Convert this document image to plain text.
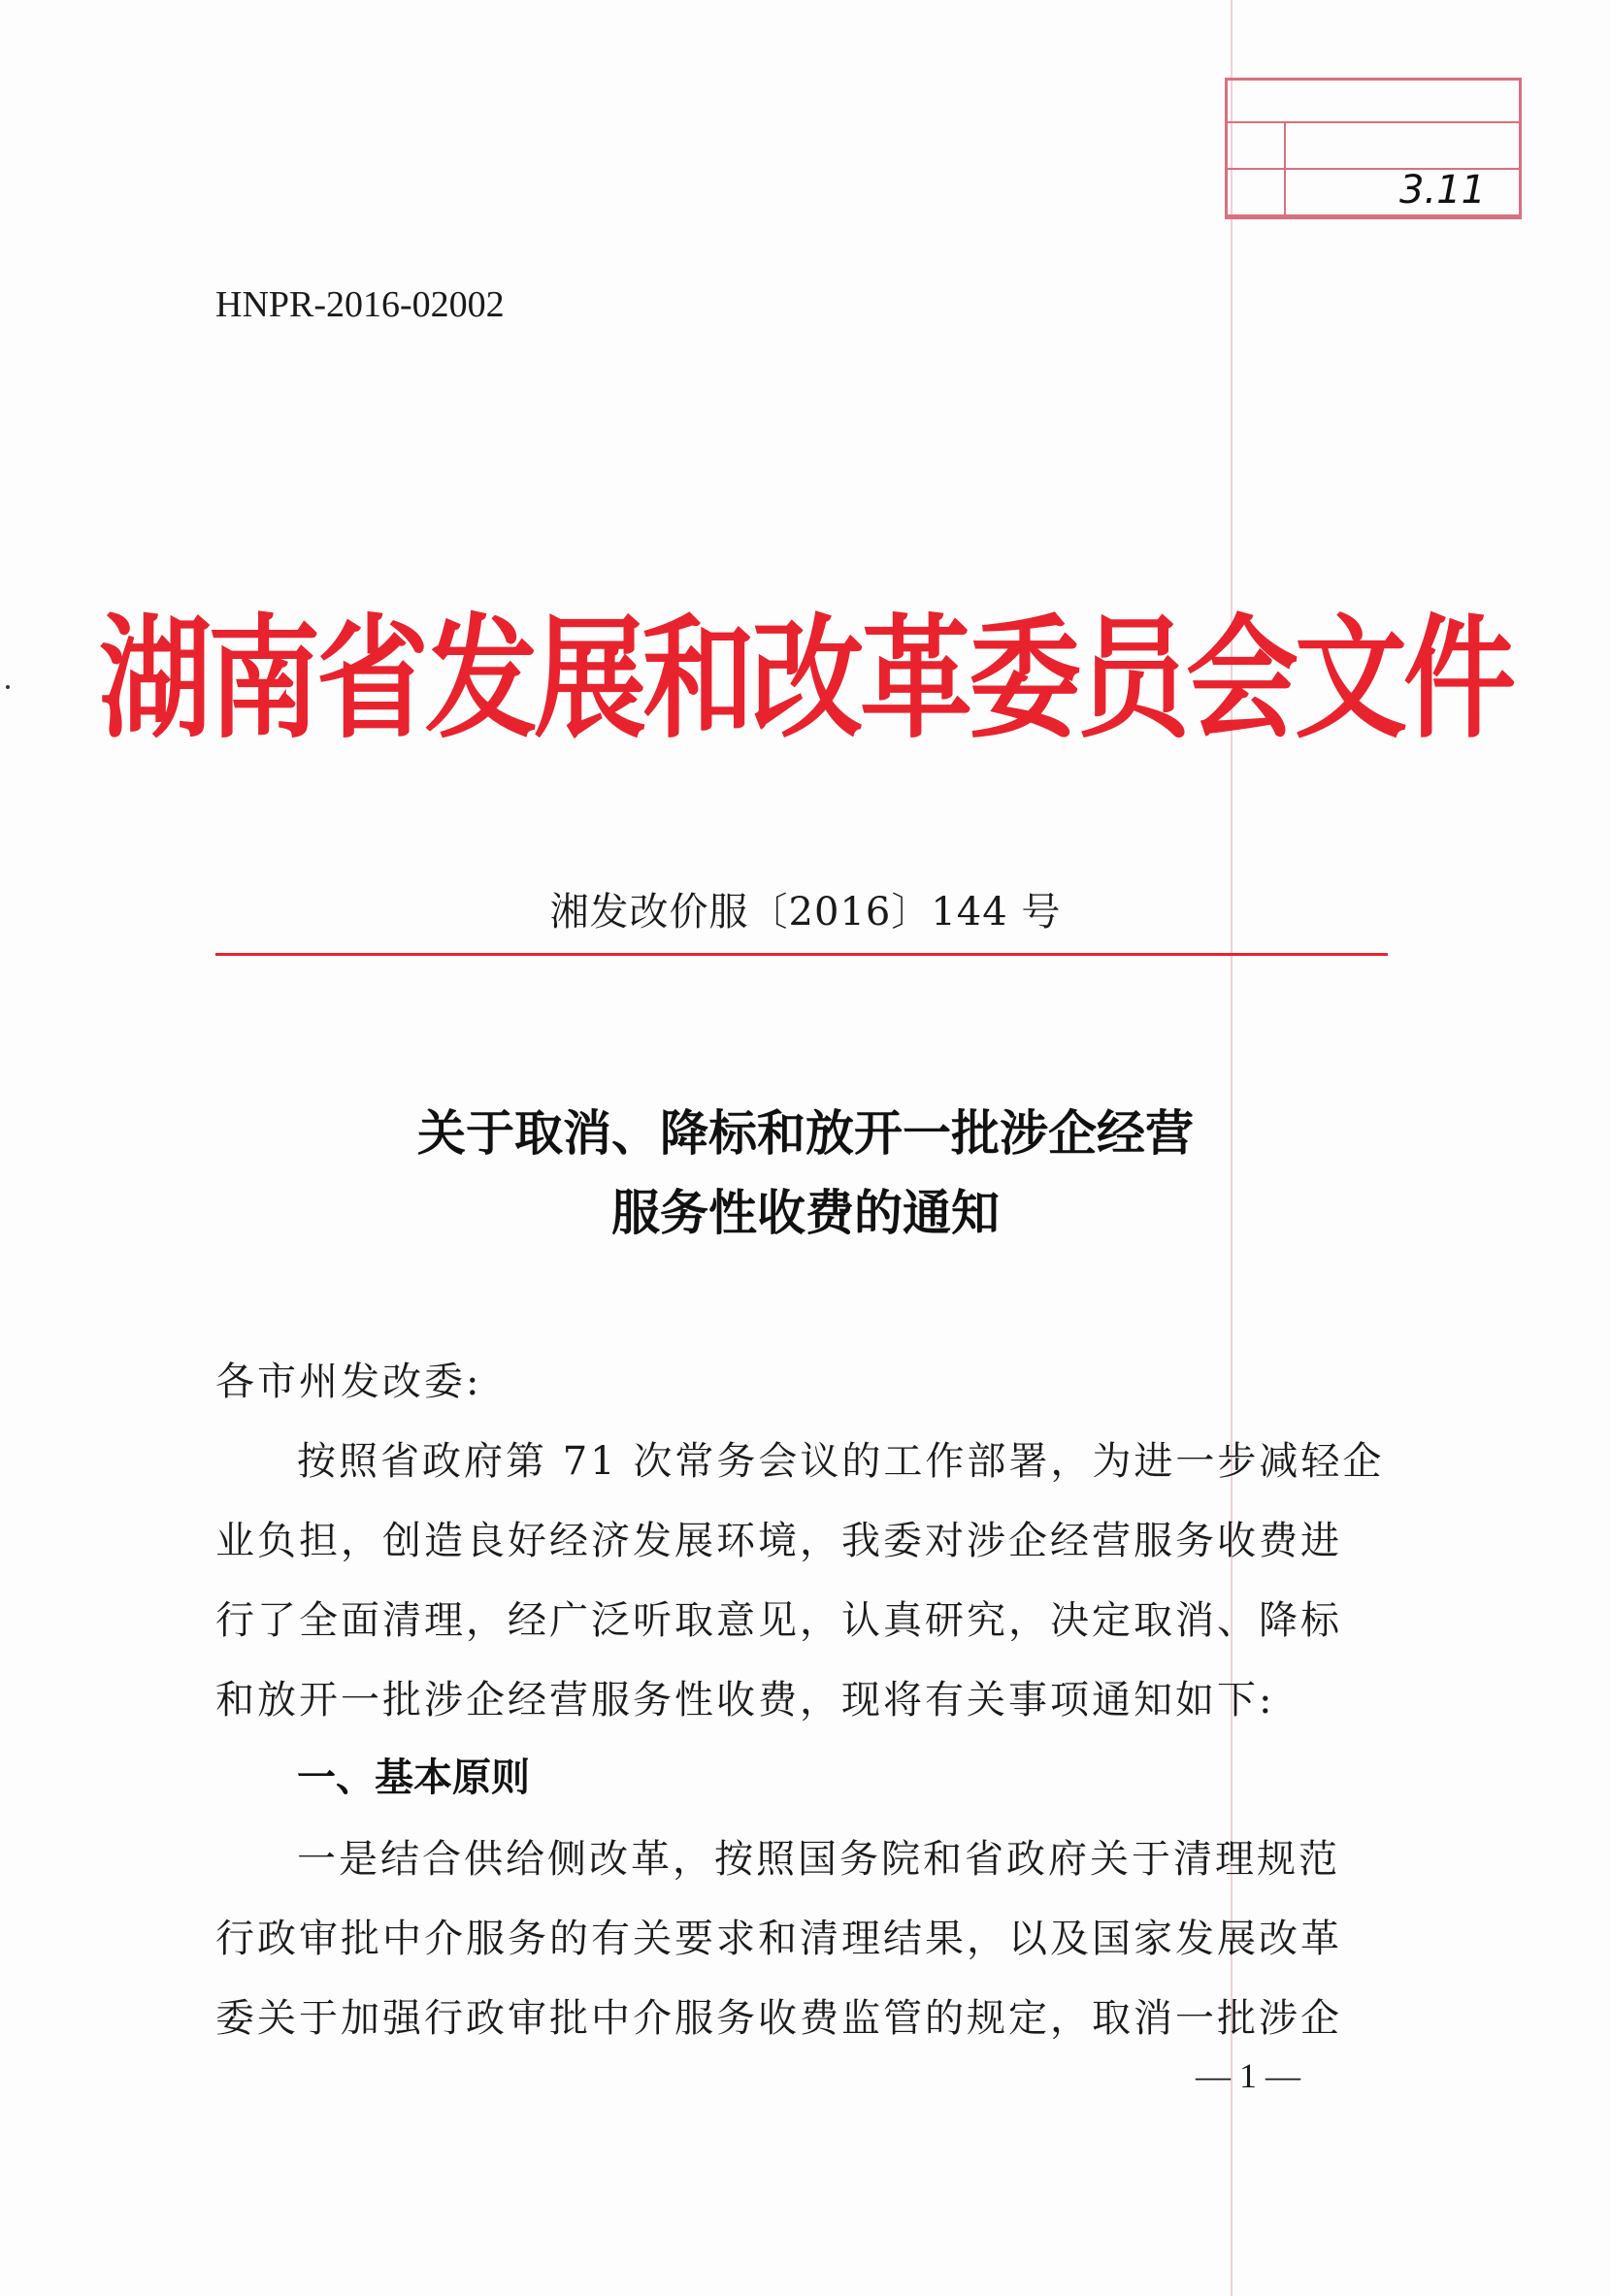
3.11
HNPR-2016-02002
湖南省发展和改革委员会文件
湘发改价服〔2016〕144 号
关于取消、降标和放开一批涉企经营
服务性收费的通知
各市州发改委:
按照省政府第 71 次常务会议的工作部署，为进一步减轻企
业负担，创造良好经济发展环境，我委对涉企经营服务收费进
行了全面清理，经广泛听取意见，认真研究，决定取消、降标
和放开一批涉企经营服务性收费，现将有关事项通知如下:
一、基本原则
一是结合供给侧改革，按照国务院和省政府关于清理规范
行政审批中介服务的有关要求和清理结果，以及国家发展改革
委关于加强行政审批中介服务收费监管的规定，取消一批涉企
— 1 —
